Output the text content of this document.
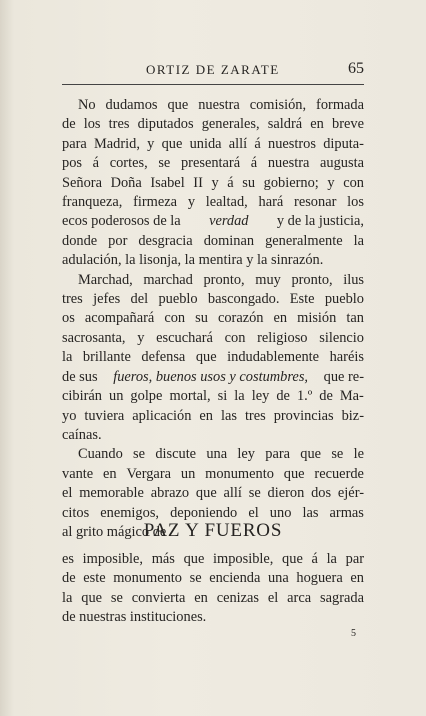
ORTIZ DE ZARATE	65
No dudamos que nuestra comisión, formada
de los tres diputados generales, saldrá en breve
para Madrid, y que unida allí á nuestros diputa-
pos á cortes, se presentará á nuestra augusta
Señora Doña Isabel II y á su gobierno; y con
franqueza, firmeza y lealtad, hará resonar los
ecos poderosos de la verdad y de la justicia,
donde por desgracia dominan generalmente la
adulación, la lisonja, la mentira y la sinrazón.
Marchad, marchad pronto, muy pronto, ilus
tres jefes del pueblo bascongado. Este pueblo
os acompañará con su corazón en misión tan
sacrosanta, y escuchará con religioso silencio
la brillante defensa que indudablemente haréis
de sus fueros, buenos usos y costumbres, que re-
cibirán un golpe mortal, si la ley de 1.º de Ma-
yo tuviera aplicación en las tres provincias biz-
caínas.
Cuando se discute una ley para que se le
vante en Vergara un monumento que recuerde
el memorable abrazo que allí se dieron dos ejér-
citos enemigos, deponiendo el uno las armas
al grito mágico de
PAZ Y FUEROS
es imposible, más que imposible, que á la par
de este monumento se encienda una hoguera en
la que se convierta en cenizas el arca sagrada
de nuestras instituciones.
5
